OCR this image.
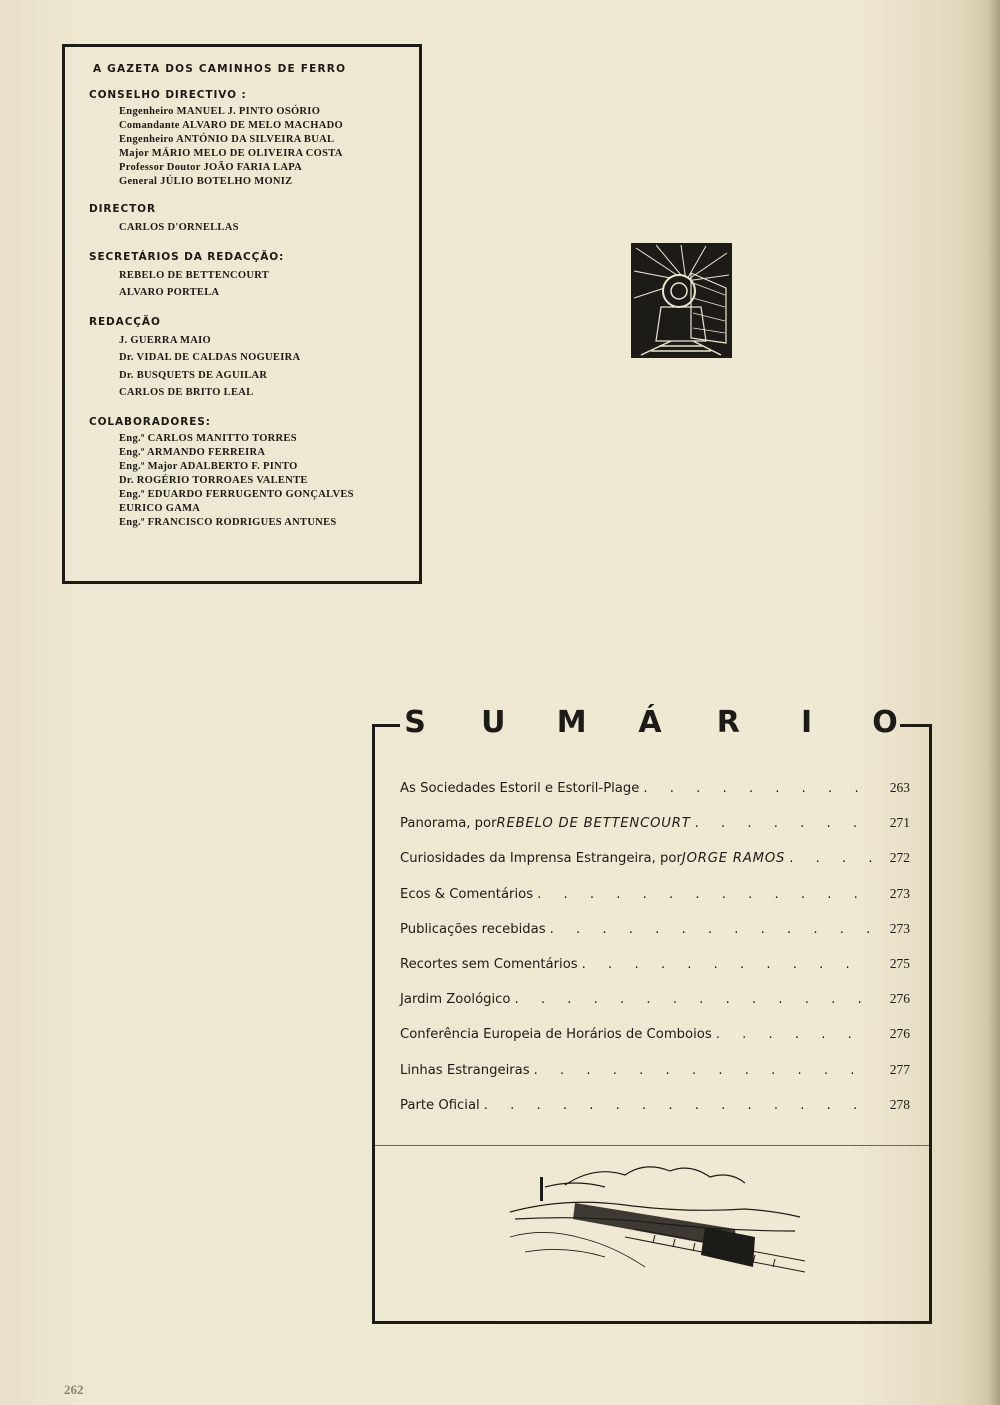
A GAZETA DOS CAMINHOS DE FERRO
CONSELHO DIRECTIVO :
Engenheiro MANUEL J. PINTO OSÓRIO
Comandante ALVARO DE MELO MACHADO
Engenheiro ANTÓNIO DA SILVEIRA BUAL
Major MÁRIO MELO DE OLIVEIRA COSTA
Professor Doutor JOÃO FARIA LAPA
General JÚLIO BOTELHO MONIZ
DIRECTOR
CARLOS D'ORNELLAS
SECRETÁRIOS DA REDACÇÃO:
REBELO DE BETTENCOURT
ALVARO PORTELA
REDACÇÃO
J. GUERRA MAIO
Dr. VIDAL DE CALDAS NOGUEIRA
Dr. BUSQUETS DE AGUILAR
CARLOS DE BRITO LEAL
COLABORADORES:
Eng.º CARLOS MANITTO TORRES
Eng.º ARMANDO FERREIRA
Eng.º Major ADALBERTO F. PINTO
Dr. ROGÉRIO TORROAES VALENTE
Eng.º EDUARDO FERRUGENTO GONÇALVES
EURICO GAMA
Eng.º FRANCISCO RODRIGUES ANTUNES
S U M Á R	I	O
As Sociedades Estoril e Estoril-Plage . . .	263
Panorama, por REBELO DE BETTENCOURT . . .	271
Curiosidades da Imprensa Estrangeira, por JORGE RAMOS . . .	272
Ecos & Comentários . . .	273
Publicações recebidas . . .	273
Recortes sem Comentários . . .	275
Jardim Zoológico . . .	276
Conferência Europeia de Horários de Comboios . . .	276
Linhas Estrangeiras . . .	277
Parte Oficial . . .	278
262
